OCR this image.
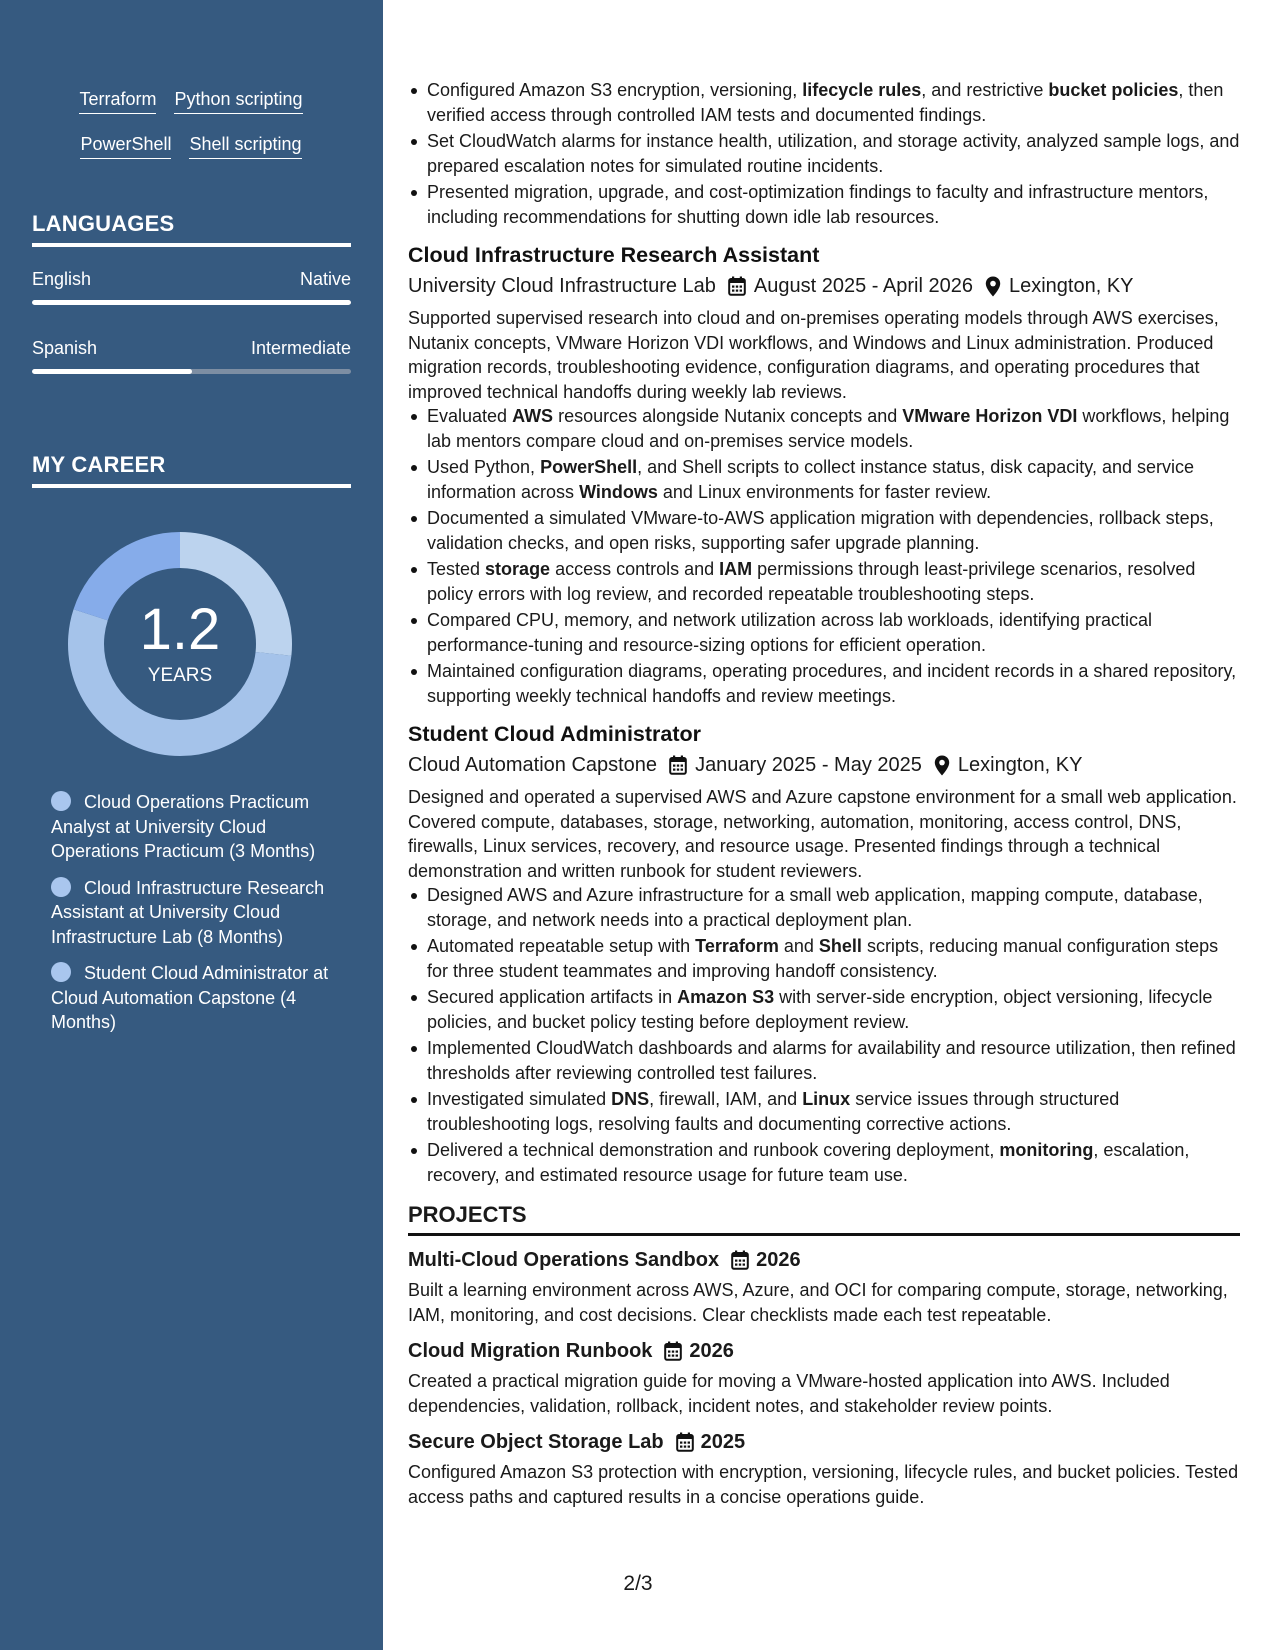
Terraform Python scripting
PowerShell Shell scripting
LANGUAGES
English	Native
Spanish	Intermediate
MY CAREER
1.2
YEARS
Cloud Operations Practicum Analyst at University Cloud Operations Practicum (3 Months)
Cloud Infrastructure Research Assistant at University Cloud Infrastructure Lab (8 Months)
Student Cloud Administrator at Cloud Automation Capstone (4 Months)
Configured Amazon S3 encryption, versioning, lifecycle rules, and restrictive bucket policies, then verified access through controlled IAM tests and documented findings.
Set CloudWatch alarms for instance health, utilization, and storage activity, analyzed sample logs, and prepared escalation notes for simulated routine incidents.
Presented migration, upgrade, and cost-optimization findings to faculty and infrastructure mentors, including recommendations for shutting down idle lab resources.
Cloud Infrastructure Research Assistant
University Cloud Infrastructure Lab August 2025 - April 2026 Lexington, KY

Supported supervised research into cloud and on-premises operating models through AWS exercises, Nutanix concepts, VMware Horizon VDI workflows, and Windows and Linux administration. Produced migration records, troubleshooting evidence, configuration diagrams, and operating procedures that improved technical handoffs during weekly lab reviews.

Evaluated AWS resources alongside Nutanix concepts and VMware Horizon VDI workflows, helping lab mentors compare cloud and on-premises service models.
Used Python, PowerShell, and Shell scripts to collect instance status, disk capacity, and service information across Windows and Linux environments for faster review.
Documented a simulated VMware-to-AWS application migration with dependencies, rollback steps, validation checks, and open risks, supporting safer upgrade planning.
Tested storage access controls and IAM permissions through least-privilege scenarios, resolved policy errors with log review, and recorded repeatable troubleshooting steps.
Compared CPU, memory, and network utilization across lab workloads, identifying practical performance-tuning and resource-sizing options for efficient operation.
Maintained configuration diagrams, operating procedures, and incident records in a shared repository, supporting weekly technical handoffs and review meetings.
Student Cloud Administrator
Cloud Automation Capstone January 2025 - May 2025 Lexington, KY

Designed and operated a supervised AWS and Azure capstone environment for a small web application. Covered compute, databases, storage, networking, automation, monitoring, access control, DNS, firewalls, Linux services, recovery, and resource usage. Presented findings through a technical demonstration and written runbook for student reviewers.

Designed AWS and Azure infrastructure for a small web application, mapping compute, database, storage, and network needs into a practical deployment plan.
Automated repeatable setup with Terraform and Shell scripts, reducing manual configuration steps for three student teammates and improving handoff consistency.
Secured application artifacts in Amazon S3 with server-side encryption, object versioning, lifecycle policies, and bucket policy testing before deployment review.
Implemented CloudWatch dashboards and alarms for availability and resource utilization, then refined thresholds after reviewing controlled test failures.
Investigated simulated DNS, firewall, IAM, and Linux service issues through structured troubleshooting logs, resolving faults and documenting corrective actions.
Delivered a technical demonstration and runbook covering deployment, monitoring, escalation, recovery, and estimated resource usage for future team use.
PROJECTS
Multi-Cloud Operations Sandbox 2026

Built a learning environment across AWS, Azure, and OCI for comparing compute, storage, networking, IAM, monitoring, and cost decisions. Clear checklists made each test repeatable.

Cloud Migration Runbook 2026

Created a practical migration guide for moving a VMware-hosted application into AWS. Included dependencies, validation, rollback, incident notes, and stakeholder review points.

Secure Object Storage Lab 2025

Configured Amazon S3 protection with encryption, versioning, lifecycle rules, and bucket policies. Tested access paths and captured results in a concise operations guide.

2/3
